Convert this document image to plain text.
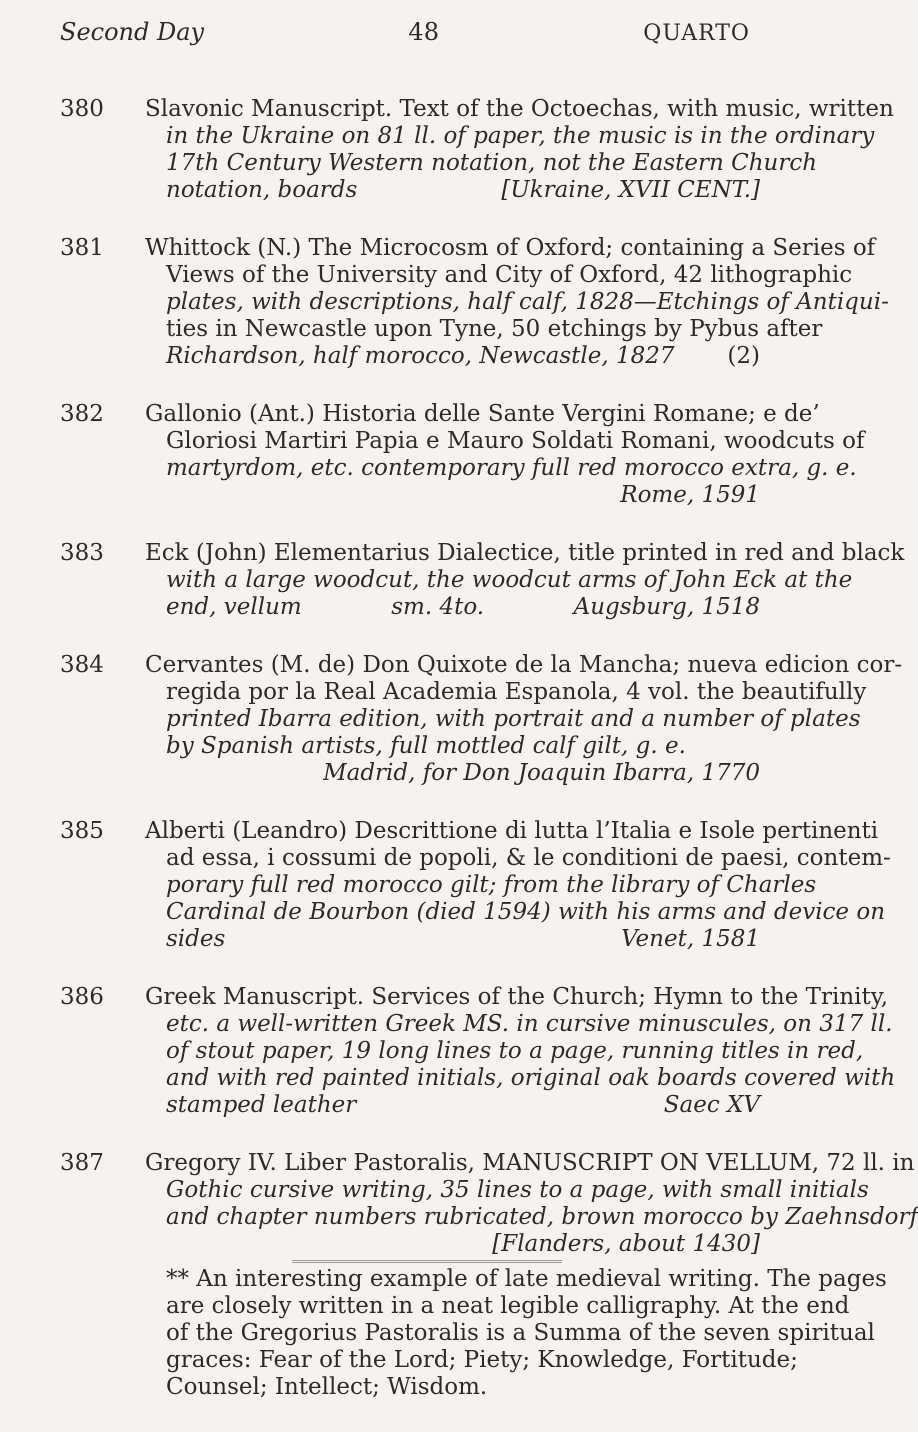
Second Day	48	QUARTO
380 Slavonic Manuscript. Text of the Octoechas, with music, written
in the Ukraine on 81 ll. of paper, the music is in the ordinary
17th Century Western notation, not the Eastern Church
notation, boards	[Ukraine, XVII CENT.]
381 Whittock (N.) The Microcosm of Oxford; containing a Series of
Views of the University and City of Oxford, 42 lithographic
plates, with descriptions, half calf, 1828—Etchings of Antiqui-
ties in Newcastle upon Tyne, 50 etchings by Pybus after
Richardson, half morocco, Newcastle, 1827 (2)
382 Gallonio (Ant.) Historia delle Sante Vergini Romane; e de’
Gloriosi Martiri Papia e Mauro Soldati Romani, woodcuts of
martyrdom, etc. contemporary full red morocco extra, g. e.
Rome, 1591
383 Eck (John) Elementarius Dialectice, title printed in red and black
with a large woodcut, the woodcut arms of John Eck at the
end, vellum	sm. 4to.	Augsburg, 1518
384 Cervantes (M. de) Don Quixote de la Mancha; nueva edicion cor-
regida por la Real Academia Espanola, 4 vol. the beautifully
printed Ibarra edition, with portrait and a number of plates
by Spanish artists, full mottled calf gilt, g. e.
Madrid, for Don Joaquin Ibarra, 1770
385 Alberti (Leandro) Descrittione di lutta l’Italia e Isole pertinenti
ad essa, i cossumi de popoli, & le conditioni de paesi, contem-
porary full red morocco gilt; from the library of Charles
Cardinal de Bourbon (died 1594) with his arms and device on
sides	Venet, 1581
386 Greek Manuscript. Services of the Church; Hymn to the Trinity,
etc. a well-written Greek MS. in cursive minuscules, on 317 ll.
of stout paper, 19 long lines to a page, running titles in red,
and with red painted initials, original oak boards covered with
stamped leather	Saec XV
387 Gregory IV. Liber Pastoralis, MANUSCRIPT ON VELLUM, 72 ll. in
Gothic cursive writing, 35 lines to a page, with small initials
and chapter numbers rubricated, brown morocco by Zaehnsdorf
[Flanders, about 1430]
** An interesting example of late medieval writing. The pages
are closely written in a neat legible calligraphy. At the end
of the Gregorius Pastoralis is a Summa of the seven spiritual
graces: Fear of the Lord; Piety; Knowledge, Fortitude;
Counsel; Intellect; Wisdom.
